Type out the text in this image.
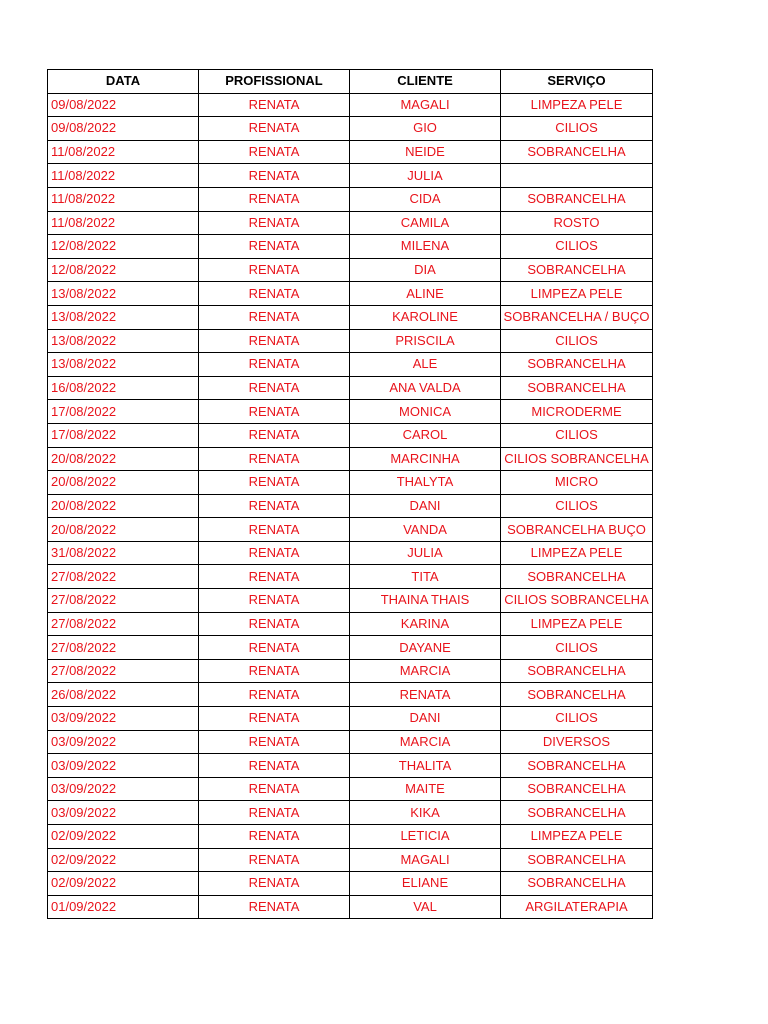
DATA	PROFISSIONAL	CLIENTE	SERVIÇO
09/08/2022	RENATA	MAGALI	LIMPEZA PELE
09/08/2022	RENATA	GIO	CILIOS
11/08/2022	RENATA	NEIDE	SOBRANCELHA
11/08/2022	RENATA	JULIA	
11/08/2022	RENATA	CIDA	SOBRANCELHA
11/08/2022	RENATA	CAMILA	ROSTO
12/08/2022	RENATA	MILENA	CILIOS
12/08/2022	RENATA	DIA	SOBRANCELHA
13/08/2022	RENATA	ALINE	LIMPEZA PELE
13/08/2022	RENATA	KAROLINE	SOBRANCELHA / BUÇO
13/08/2022	RENATA	PRISCILA	CILIOS
13/08/2022	RENATA	ALE	SOBRANCELHA
16/08/2022	RENATA	ANA VALDA	SOBRANCELHA
17/08/2022	RENATA	MONICA	MICRODERME
17/08/2022	RENATA	CAROL	CILIOS
20/08/2022	RENATA	MARCINHA	CILIOS SOBRANCELHA
20/08/2022	RENATA	THALYTA	MICRO
20/08/2022	RENATA	DANI	CILIOS
20/08/2022	RENATA	VANDA	SOBRANCELHA BUÇO
31/08/2022	RENATA	JULIA	LIMPEZA PELE
27/08/2022	RENATA	TITA	SOBRANCELHA
27/08/2022	RENATA	THAINA THAIS	CILIOS SOBRANCELHA
27/08/2022	RENATA	KARINA	LIMPEZA PELE
27/08/2022	RENATA	DAYANE	CILIOS
27/08/2022	RENATA	MARCIA	SOBRANCELHA
26/08/2022	RENATA	RENATA	SOBRANCELHA
03/09/2022	RENATA	DANI	CILIOS
03/09/2022	RENATA	MARCIA	DIVERSOS
03/09/2022	RENATA	THALITA	SOBRANCELHA
03/09/2022	RENATA	MAITE	SOBRANCELHA
03/09/2022	RENATA	KIKA	SOBRANCELHA
02/09/2022	RENATA	LETICIA	LIMPEZA PELE
02/09/2022	RENATA	MAGALI	SOBRANCELHA
02/09/2022	RENATA	ELIANE	SOBRANCELHA
01/09/2022	RENATA	VAL	ARGILATERAPIA
